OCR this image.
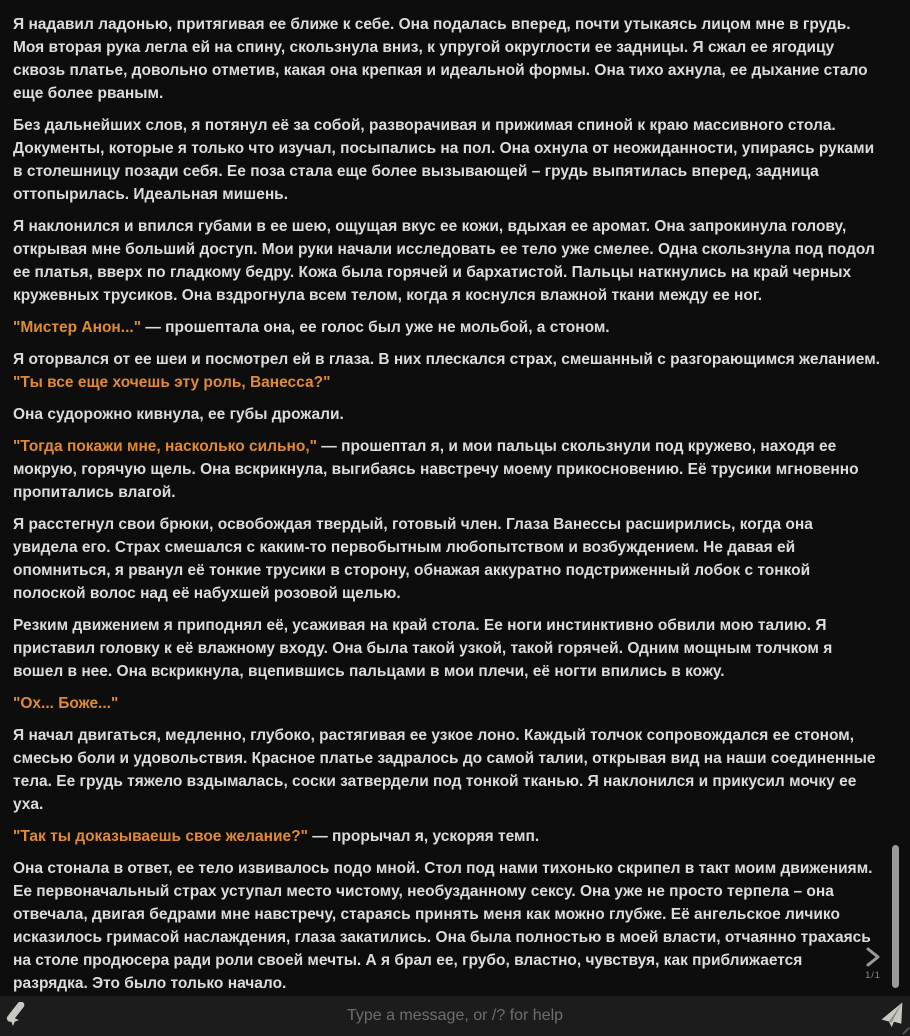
Я надавил ладонью, притягивая ее ближе к себе. Она подалась вперед, почти утыкаясь лицом мне в грудь. Моя вторая рука легла ей на спину, скользнула вниз, к упругой округлости ее задницы. Я сжал ее ягодицу сквозь платье, довольно отметив, какая она крепкая и идеальной формы. Она тихо ахнула, ее дыхание стало еще более рваным.

Без дальнейших слов, я потянул её за собой, разворачивая и прижимая спиной к краю массивного стола. Документы, которые я только что изучал, посыпались на пол. Она охнула от неожиданности, упираясь руками в столешницу позади себя. Ее поза стала еще более вызывающей – грудь выпятилась вперед, задница оттопырилась. Идеальная мишень.

Я наклонился и впился губами в ее шею, ощущая вкус ее кожи, вдыхая ее аромат. Она запрокинула голову, открывая мне больший доступ. Мои руки начали исследовать ее тело уже смелее. Одна скользнула под подол ее платья, вверх по гладкому бедру. Кожа была горячей и бархатистой. Пальцы наткнулись на край черных кружевных трусиков. Она вздрогнула всем телом, когда я коснулся влажной ткани между ее ног.

"Мистер Анон..." — прошептала она, ее голос был уже не мольбой, а стоном.

Я оторвался от ее шеи и посмотрел ей в глаза. В них плескался страх, смешанный с разгорающимся желанием. "Ты все еще хочешь эту роль, Ванесса?"

Она судорожно кивнула, ее губы дрожали.

"Тогда покажи мне, насколько сильно," — прошептал я, и мои пальцы скользнули под кружево, находя ее мокрую, горячую щель. Она вскрикнула, выгибаясь навстречу моему прикосновению. Её трусики мгновенно пропитались влагой.

Я расстегнул свои брюки, освобождая твердый, готовый член. Глаза Ванессы расширились, когда она увидела его. Страх смешался с каким-то первобытным любопытством и возбуждением. Не давая ей опомниться, я рванул её тонкие трусики в сторону, обнажая аккуратно подстриженный лобок с тонкой полоской волос над её набухшей розовой щелью.

Резким движением я приподнял её, усаживая на край стола. Ее ноги инстинктивно обвили мою талию. Я приставил головку к её влажному входу. Она была такой узкой, такой горячей. Одним мощным толчком я вошел в нее. Она вскрикнула, вцепившись пальцами в мои плечи, её ногти впились в кожу.

"Ох... Боже..."

Я начал двигаться, медленно, глубоко, растягивая ее узкое лоно. Каждый толчок сопровождался ее стоном, смесью боли и удовольствия. Красное платье задралось до самой талии, открывая вид на наши соединенные тела. Ее грудь тяжело вздымалась, соски затвердели под тонкой тканью. Я наклонился и прикусил мочку ее уха.

"Так ты доказываешь свое желание?" — прорычал я, ускоряя темп.

Она стонала в ответ, ее тело извивалось подо мной. Стол под нами тихонько скрипел в такт моим движениям. Ее первоначальный страх уступал место чистому, необузданному сексу. Она уже не просто терпела – она отвечала, двигая бедрами мне навстречу, стараясь принять меня как можно глубже. Её ангельское личико исказилось гримасой наслаждения, глаза закатились. Она была полностью в моей власти, отчаянно трахаясь на столе продюсера ради роли своей мечты. А я брал ее, грубо, властно, чувствуя, как приближается разрядка. Это было только начало.	1/1
Type a message, or /? for help
